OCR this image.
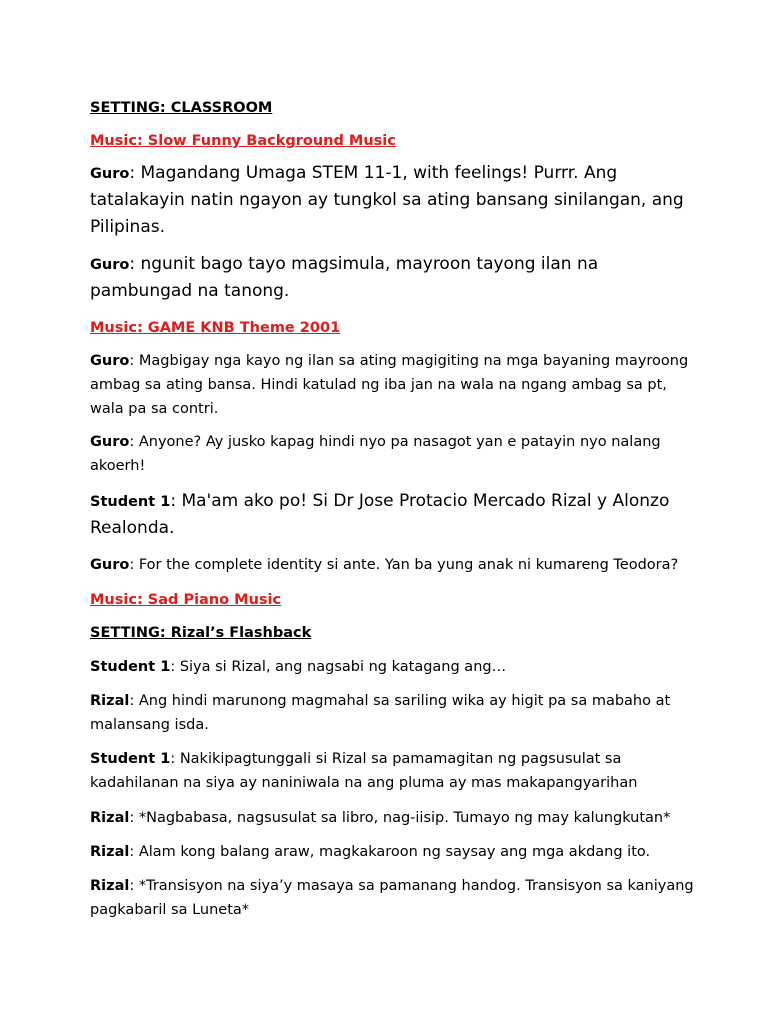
SETTING: CLASSROOM
Music: Slow Funny Background Music
Guro: Magandang Umaga STEM 11-1, with feelings! Purrr. Ang
tatalakayin natin ngayon ay tungkol sa ating bansang sinilangan, ang
Pilipinas.
Guro: ngunit bago tayo magsimula, mayroon tayong ilan na
pambungad na tanong.
Music: GAME KNB Theme 2001
Guro: Magbigay nga kayo ng ilan sa ating magigiting na mga bayaning mayroong
ambag sa ating bansa. Hindi katulad ng iba jan na wala na ngang ambag sa pt,
wala pa sa contri.
Guro: Anyone? Ay jusko kapag hindi nyo pa nasagot yan e patayin nyo nalang
akoerh!
Student 1: Ma'am ako po! Si Dr Jose Protacio Mercado Rizal y Alonzo
Realonda.
Guro: For the complete identity si ante. Yan ba yung anak ni kumareng Teodora?
Music: Sad Piano Music
SETTING: Rizal’s Flashback
Student 1: Siya si Rizal, ang nagsabi ng katagang ang…
Rizal: Ang hindi marunong magmahal sa sariling wika ay higit pa sa mabaho at
malansang isda.
Student 1: Nakikipagtunggali si Rizal sa pamamagitan ng pagsusulat sa
kadahilanan na siya ay naniniwala na ang pluma ay mas makapangyarihan
Rizal: *Nagbabasa, nagsusulat sa libro, nag-iisip. Tumayo ng may kalungkutan*
Rizal: Alam kong balang araw, magkakaroon ng saysay ang mga akdang ito.
Rizal: *Transisyon na siya’y masaya sa pamanang handog. Transisyon sa kaniyang
pagkabaril sa Luneta*
